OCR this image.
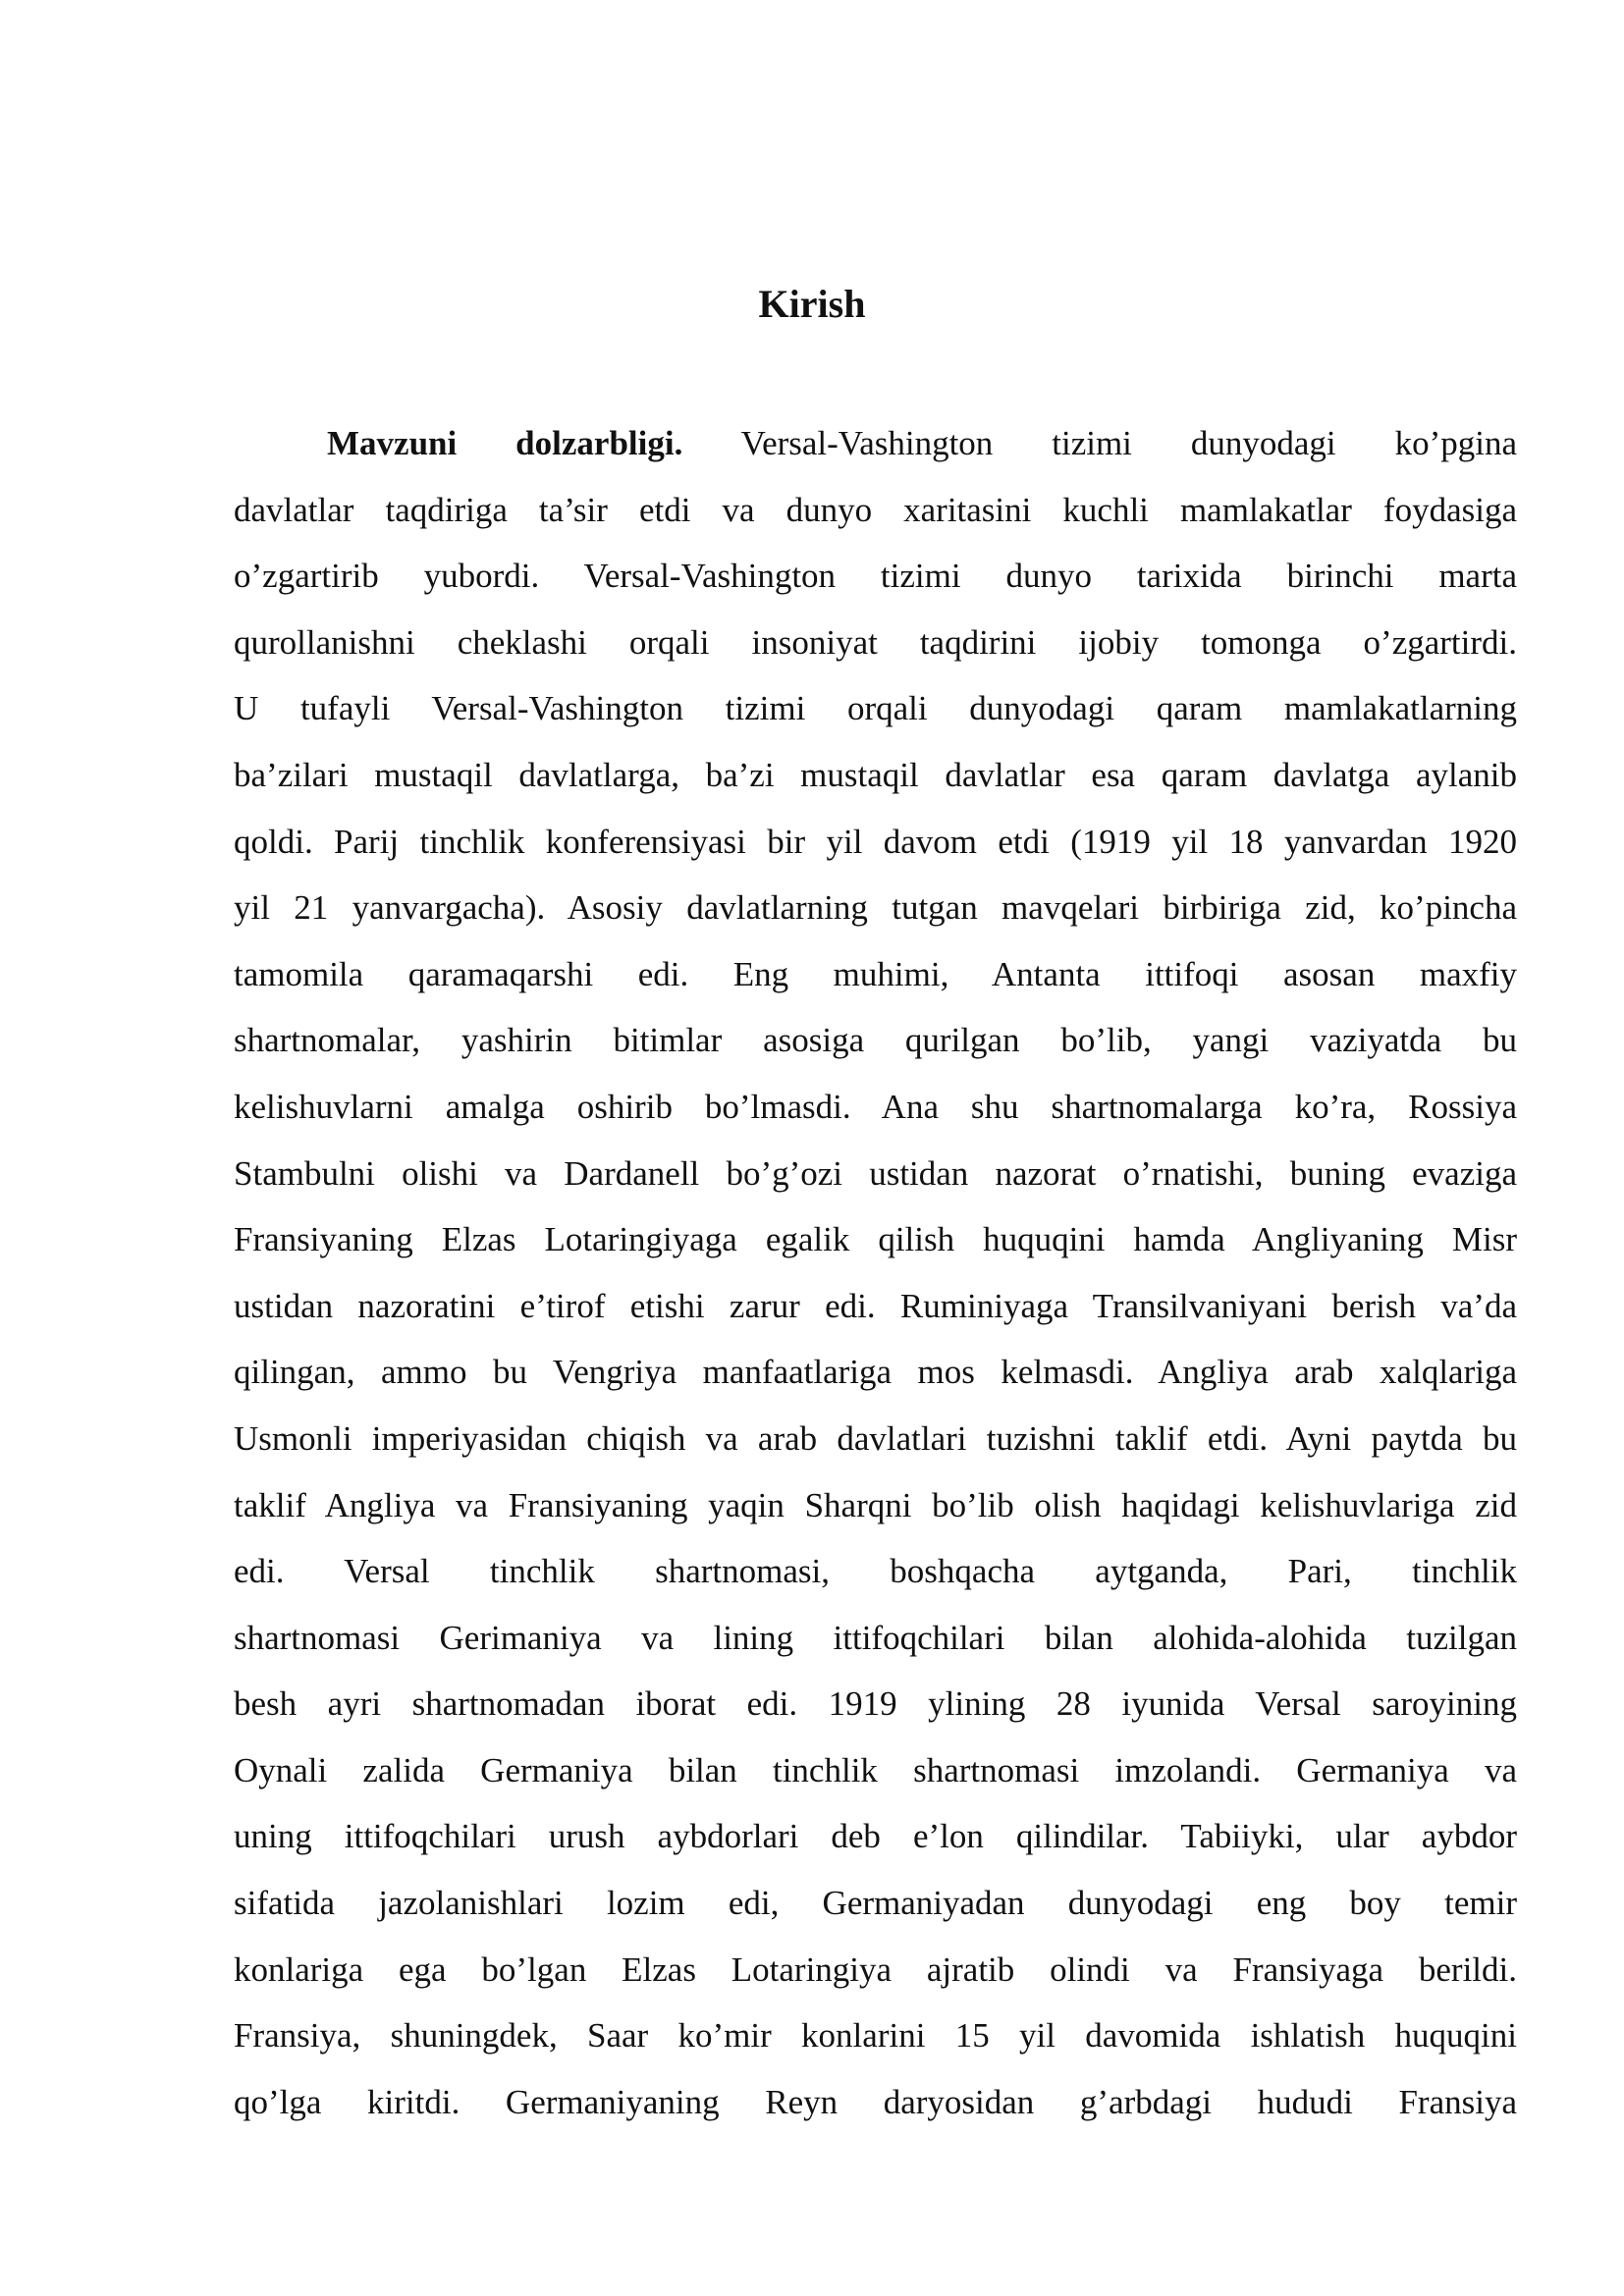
Kirish
Mavzuni dolzarbligi. Versal-Vashington tizimi dunyodagi ko’pgina
davlatlar taqdiriga ta’sir etdi va dunyo xaritasini kuchli mamlakatlar foydasiga
o’zgartirib yubordi. Versal-Vashington tizimi dunyo tarixida birinchi marta
qurollanishni cheklashi orqali insoniyat taqdirini ijobiy tomonga o’zgartirdi.
U tufayli Versal-Vashington tizimi orqali dunyodagi qaram mamlakatlarning
ba’zilari mustaqil davlatlarga, ba’zi mustaqil davlatlar esa qaram davlatga aylanib
qoldi. Parij tinchlik konferensiyasi bir yil davom etdi (1919 yil 18 yanvardan 1920
yil 21 yanvargacha). Asosiy davlatlarning tutgan mavqelari birbiriga zid, ko’pincha
tamomila qaramaqarshi edi. Eng muhimi, Antanta ittifoqi asosan maxfiy
shartnomalar, yashirin bitimlar asosiga qurilgan bo’lib, yangi vaziyatda bu
kelishuvlarni amalga oshirib bo’lmasdi. Ana shu shartnomalarga ko’ra, Rossiya
Stambulni olishi va Dardanell bo’g’ozi ustidan nazorat o’rnatishi, buning evaziga
Fransiyaning Elzas Lotaringiyaga egalik qilish huquqini hamda Angliyaning Misr
ustidan nazoratini e’tirof etishi zarur edi. Ruminiyaga Transilvaniyani berish va’da
qilingan, ammo bu Vengriya manfaatlariga mos kelmasdi. Angliya arab xalqlariga
Usmonli imperiyasidan chiqish va arab davlatlari tuzishni taklif etdi. Ayni paytda bu
taklif Angliya va Fransiyaning yaqin Sharqni bo’lib olish haqidagi kelishuvlariga zid
edi. Versal tinchlik shartnomasi, boshqacha aytganda, Pari, tinchlik
shartnomasi Gerimaniya va lining ittifoqchilari bilan alohida-alohida tuzilgan
besh ayri shartnomadan iborat edi. 1919 ylining 28 iyunida Versal saroyining
Oynali zalida Germaniya bilan tinchlik shartnomasi imzolandi. Germaniya va
uning ittifoqchilari urush aybdorlari deb e’lon qilindilar. Tabiiyki, ular aybdor
sifatida jazolanishlari lozim edi, Germaniyadan dunyodagi eng boy temir
konlariga ega bo’lgan Elzas Lotaringiya ajratib olindi va Fransiyaga berildi.
Fransiya, shuningdek, Saar ko’mir konlarini 15 yil davomida ishlatish huquqini
qo’lga kiritdi. Germaniyaning Reyn daryosidan g’arbdagi hududi Fransiya
